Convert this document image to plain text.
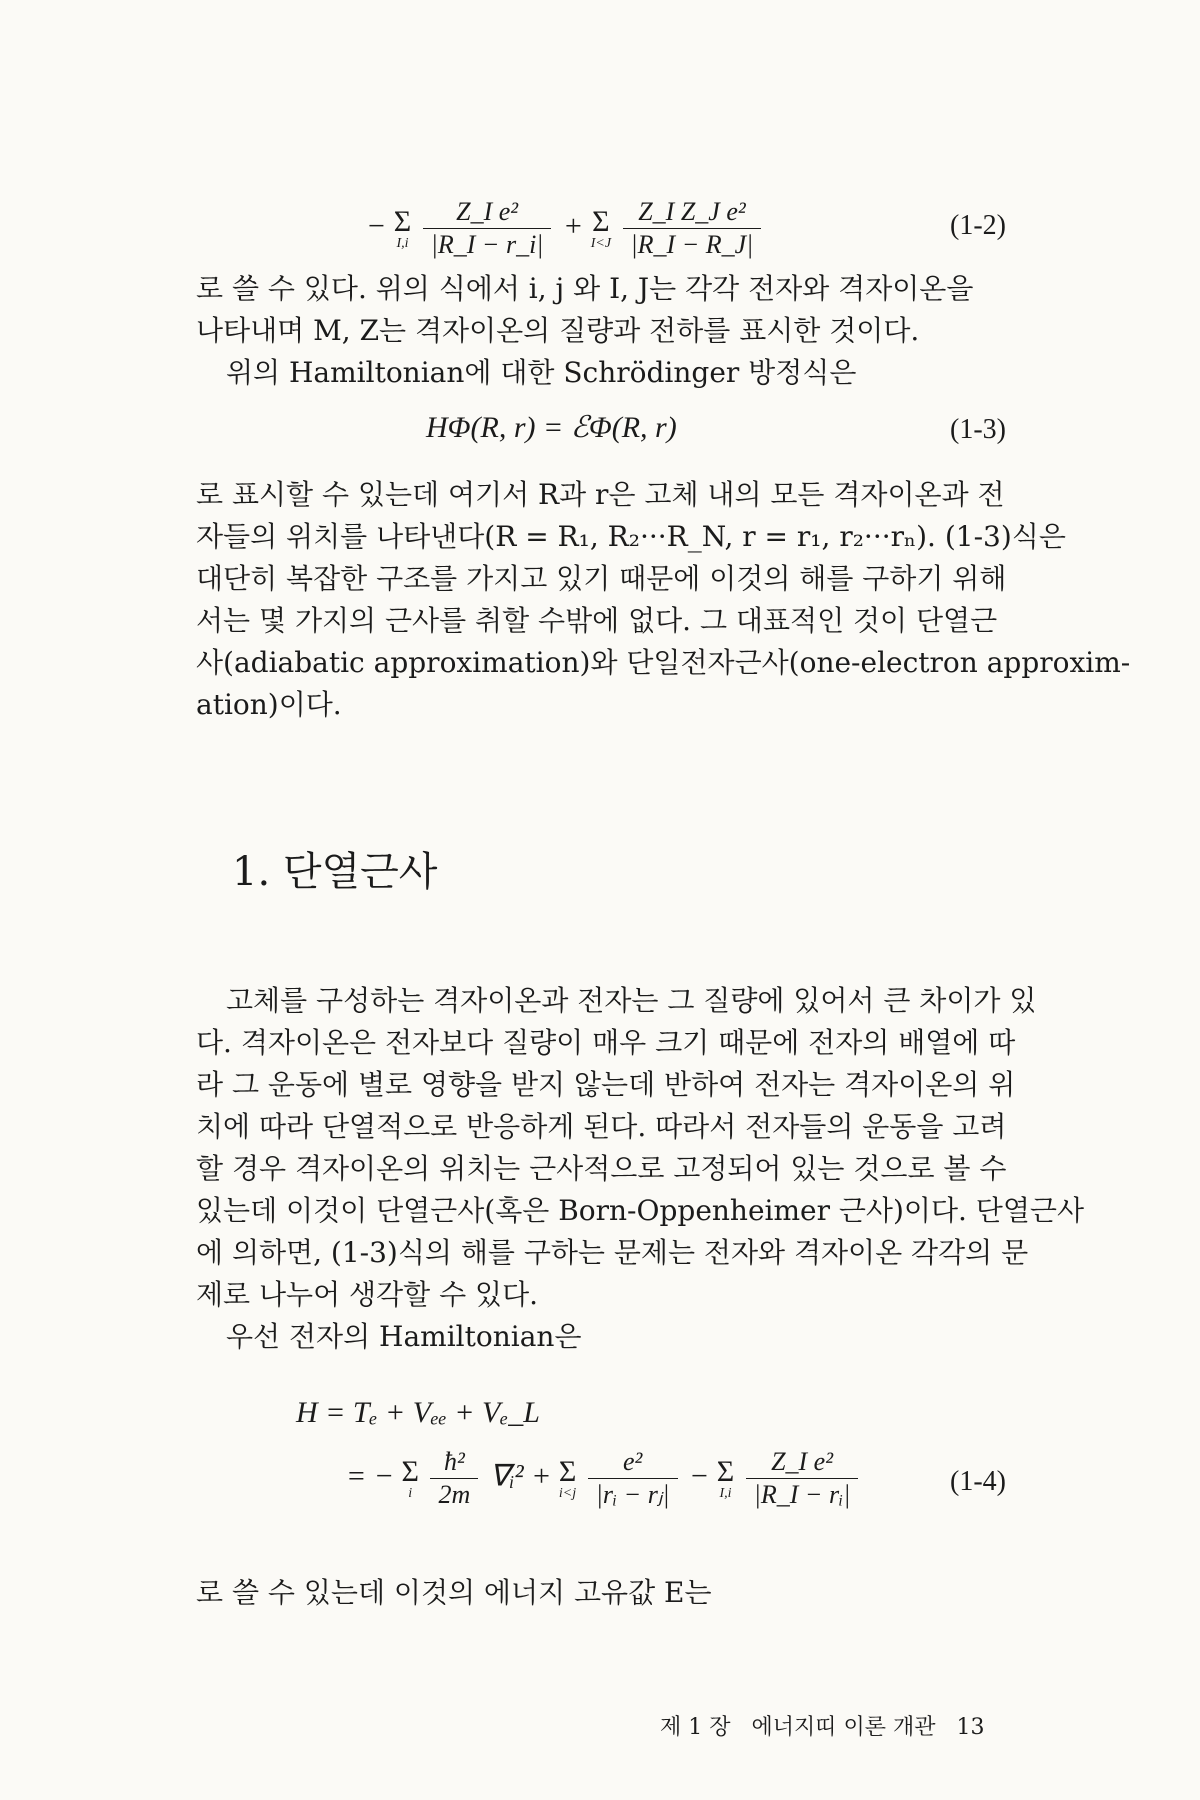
− Σ
I,i
$\frac{\text{Z\_I e²}}{|R\_I - r\_i|} + \Sigma$
I<J
$\frac{\text{Z\_I Z\_J e²}}{|R\_I - R\_J|}$	(1-2)
로 쓸 수 있다. 위의 식에서 i, j 와 I, J는 각각 전자와 격자이온을
나타내며 M, Z는 격자이온의 질량과 전하를 표시한 것이다.
위의 Hamiltonian에 대한 Schrödinger 방정식은
HΦ(R, r) = ℰΦ(R, r)	(1-3)
로 표시할 수 있는데 여기서 R과 r은 고체 내의 모든 격자이온과 전
자들의 위치를 나타낸다(R = R₁, R₂···R_N, r = r₁, r₂···rₙ). (1-3)식은
대단히 복잡한 구조를 가지고 있기 때문에 이것의 해를 구하기 위해
서는 몇 가지의 근사를 취할 수밖에 없다. 그 대표적인 것이 단열근
사(adiabatic approximation)와 단일전자근사(one-electron approxim-
ation)이다.
1. 단열근사
고체를 구성하는 격자이온과 전자는 그 질량에 있어서 큰 차이가 있
다. 격자이온은 전자보다 질량이 매우 크기 때문에 전자의 배열에 따
라 그 운동에 별로 영향을 받지 않는데 반하여 전자는 격자이온의 위
치에 따라 단열적으로 반응하게 된다. 따라서 전자들의 운동을 고려
할 경우 격자이온의 위치는 근사적으로 고정되어 있는 것으로 볼 수
있는데 이것이 단열근사(혹은 Born-Oppenheimer 근사)이다. 단열근사
에 의하면, (1-3)식의 해를 구하는 문제는 전자와 격자이온 각각의 문
제로 나누어 생각할 수 있다.
우선 전자의 Hamiltonian은
H = Tₑ + Vₑₑ + Vₑ_L
= − Σ
i
$\frac{\text{ħ²}}{2m}$ ∇ᵢ² + Σ
i<j
$\frac{\text{e²}}{\text{|rᵢ − rⱼ|}} - \Sigma$
I,i
$\frac{\text{Z\_I e²}}{\text{|R\_I − rᵢ|}}$	(1-4)
로 쓸 수 있는데 이것의 에너지 고유값 E는
제 1 장 에너지띠 이론 개관 13
